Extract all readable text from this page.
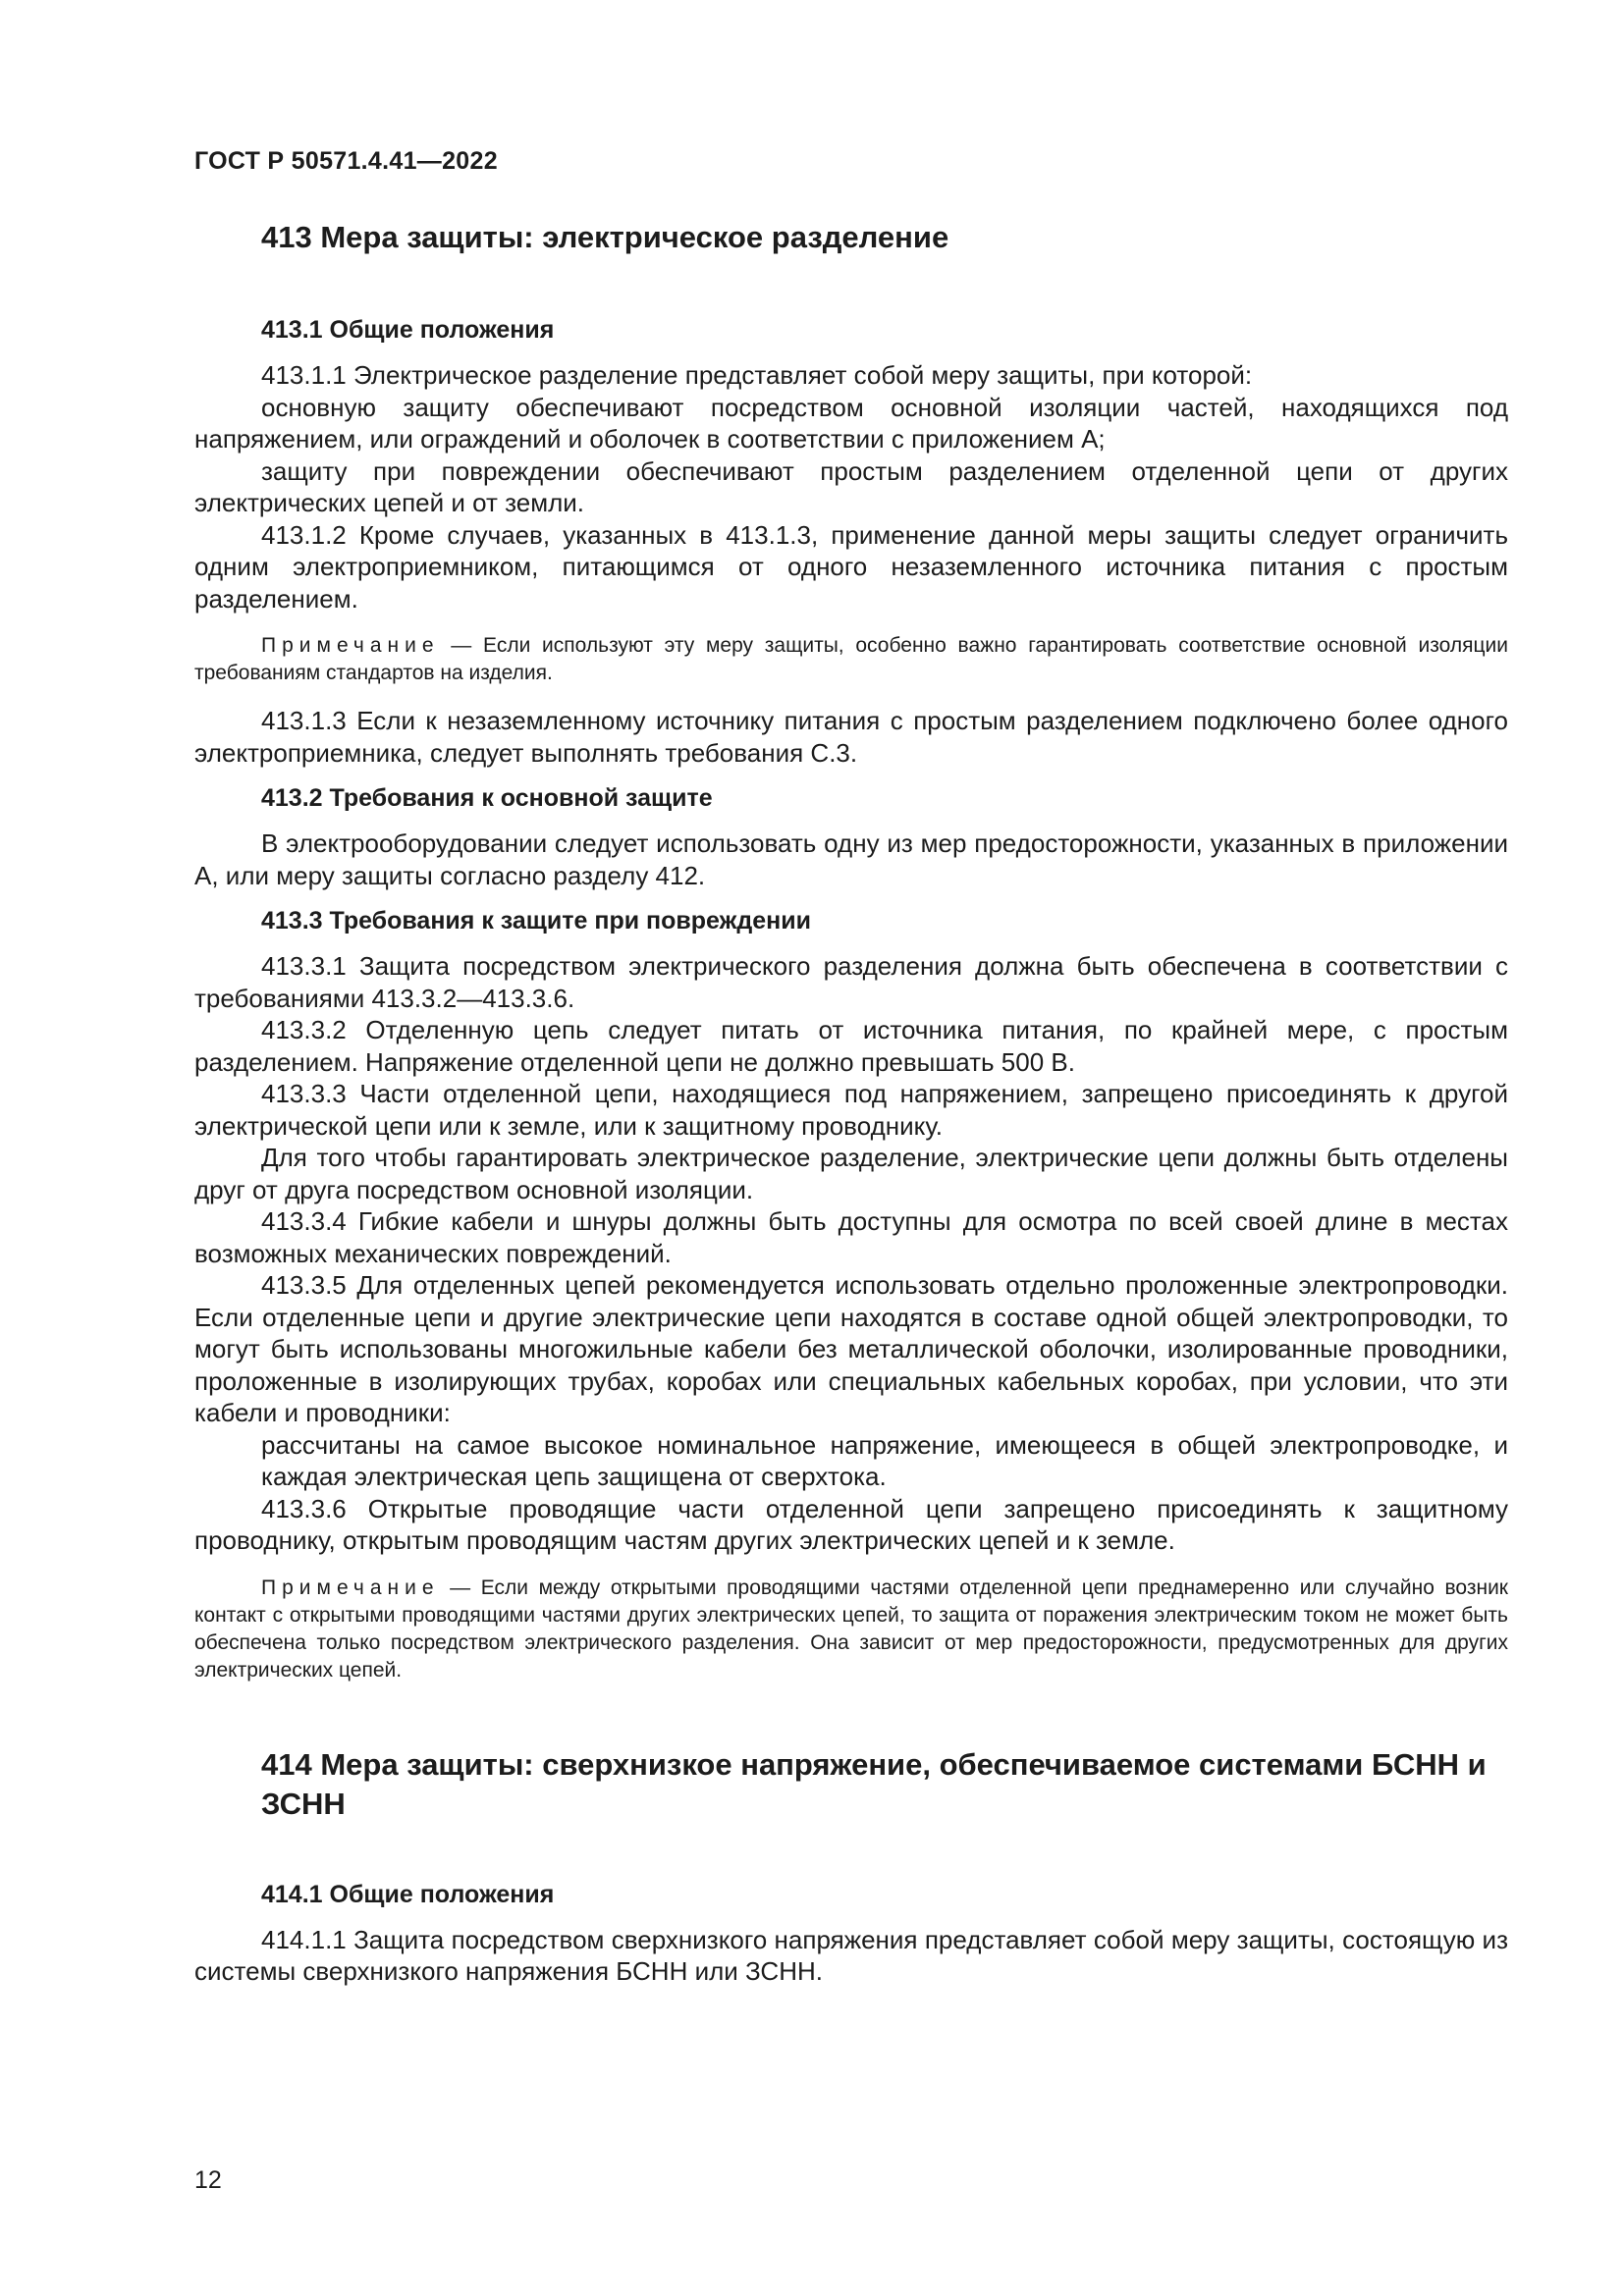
ГОСТ Р 50571.4.41—2022
413 Мера защиты: электрическое разделение
413.1 Общие положения

413.1.1 Электрическое разделение представляет собой меру защиты, при которой:

основную защиту обеспечивают посредством основной изоляции частей, находящихся под напряжением, или ограждений и оболочек в соответствии с приложением А;

защиту при повреждении обеспечивают простым разделением отделенной цепи от других электрических цепей и от земли.

413.1.2 Кроме случаев, указанных в 413.1.3, применение данной меры защиты следует ограничить одним электроприемником, питающимся от одного незаземленного источника питания с простым разделением.

Примечание — Если используют эту меру защиты, особенно важно гарантировать соответствие основной изоляции требованиям стандартов на изделия.

413.1.3 Если к незаземленному источнику питания с простым разделением подключено более одного электроприемника, следует выполнять требования С.3.

413.2 Требования к основной защите

В электрооборудовании следует использовать одну из мер предосторожности, указанных в приложении А, или меру защиты согласно разделу 412.

413.3 Требования к защите при повреждении

413.3.1 Защита посредством электрического разделения должна быть обеспечена в соответствии с требованиями 413.3.2—413.3.6.

413.3.2 Отделенную цепь следует питать от источника питания, по крайней мере, с простым разделением. Напряжение отделенной цепи не должно превышать 500 В.

413.3.3 Части отделенной цепи, находящиеся под напряжением, запрещено присоединять к другой электрической цепи или к земле, или к защитному проводнику.

Для того чтобы гарантировать электрическое разделение, электрические цепи должны быть отделены друг от друга посредством основной изоляции.

413.3.4 Гибкие кабели и шнуры должны быть доступны для осмотра по всей своей длине в местах возможных механических повреждений.

413.3.5 Для отделенных цепей рекомендуется использовать отдельно проложенные электропроводки. Если отделенные цепи и другие электрические цепи находятся в составе одной общей электропроводки, то могут быть использованы многожильные кабели без металлической оболочки, изолированные проводники, проложенные в изолирующих трубах, коробах или специальных кабельных коробах, при условии, что эти кабели и проводники:

рассчитаны на самое высокое номинальное напряжение, имеющееся в общей электропроводке, и каждая электрическая цепь защищена от сверхтока.

413.3.6 Открытые проводящие части отделенной цепи запрещено присоединять к защитному проводнику, открытым проводящим частям других электрических цепей и к земле.

Примечание — Если между открытыми проводящими частями отделенной цепи преднамеренно или случайно возник контакт с открытыми проводящими частями других электрических цепей, то защита от поражения электрическим током не может быть обеспечена только посредством электрического разделения. Она зависит от мер предосторожности, предусмотренных для других электрических цепей.
414 Мера защиты: сверхнизкое напряжение, обеспечиваемое системами БСНН и ЗСНН
414.1 Общие положения

414.1.1 Защита посредством сверхнизкого напряжения представляет собой меру защиты, состоящую из системы сверхнизкого напряжения БСНН или ЗСНН.

12
